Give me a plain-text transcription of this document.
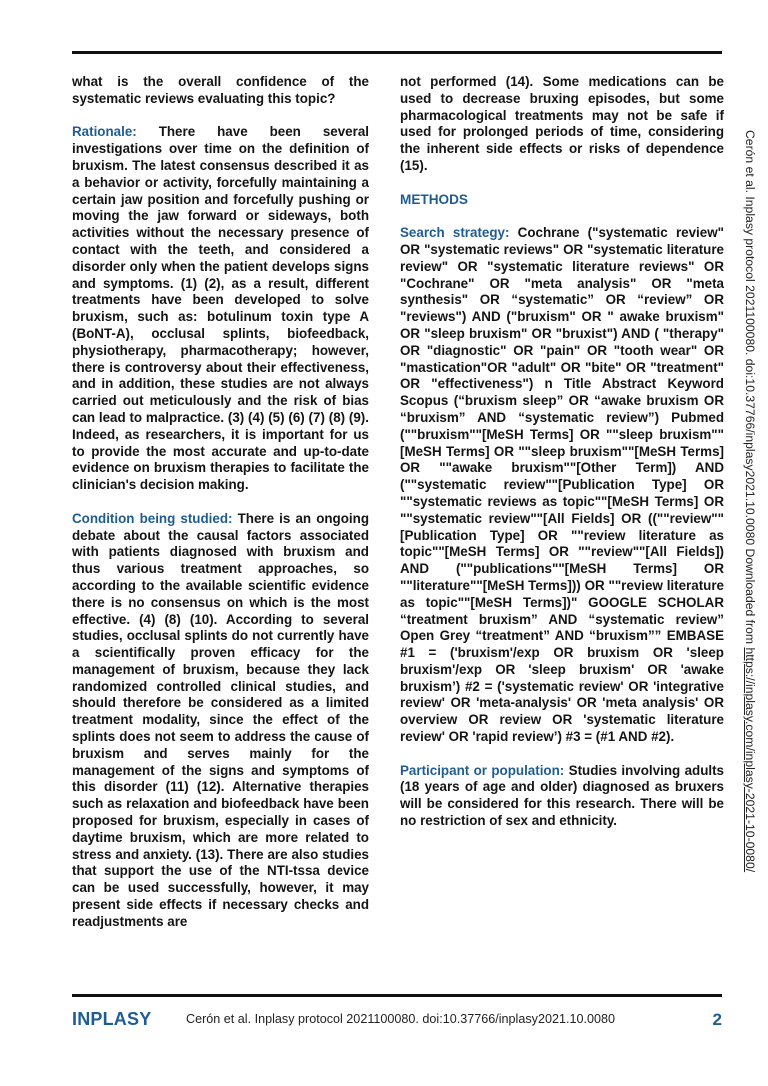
what is the overall confidence of the systematic reviews evaluating this topic?

Rationale: There have been several investigations over time on the definition of bruxism. The latest consensus described it as a behavior or activity, forcefully maintaining a certain jaw position and forcefully pushing or moving the jaw forward or sideways, both activities without the necessary presence of contact with the teeth, and considered a disorder only when the patient develops signs and symptoms. (1) (2), as a result, different treatments have been developed to solve bruxism, such as: botulinum toxin type A (BoNT-A), occlusal splints, biofeedback, physiotherapy, pharmacotherapy; however, there is controversy about their effectiveness, and in addition, these studies are not always carried out meticulously and the risk of bias can lead to malpractice. (3) (4) (5) (6) (7) (8) (9). Indeed, as researchers, it is important for us to provide the most accurate and up-to-date evidence on bruxism therapies to facilitate the clinician's decision making.

Condition being studied: There is an ongoing debate about the causal factors associated with patients diagnosed with bruxism and thus various treatment approaches, so according to the available scientific evidence there is no consensus on which is the most effective. (4) (8) (10). According to several studies, occlusal splints do not currently have a scientifically proven efficacy for the management of bruxism, because they lack randomized controlled clinical studies, and should therefore be considered as a limited treatment modality, since the effect of the splints does not seem to address the cause of bruxism and serves mainly for the management of the signs and symptoms of this disorder (11) (12). Alternative therapies such as relaxation and biofeedback have been proposed for bruxism, especially in cases of daytime bruxism, which are more related to stress and anxiety. (13). There are also studies that support the use of the NTI-tssa device can be used successfully, however, it may present side effects if necessary checks and readjustments are

not performed (14). Some medications can be used to decrease bruxing episodes, but some pharmacological treatments may not be safe if used for prolonged periods of time, considering the inherent side effects or risks of dependence (15).

METHODS

Search strategy: Cochrane ("systematic review" OR "systematic reviews" OR "systematic literature review" OR "systematic literature reviews" OR "Cochrane" OR "meta analysis" OR "meta synthesis" OR “systematic” OR “review” OR "reviews") AND ("bruxism" OR " awake bruxism" OR "sleep bruxism" OR "bruxist") AND ( "therapy" OR "diagnostic" OR "pain" OR "tooth wear" OR "mastication"OR "adult" OR "bite" OR "treatment" OR "effectiveness") n Title Abstract Keyword Scopus (“bruxism sleep” OR “awake bruxism OR “bruxism” AND “systematic review”) Pubmed (""bruxism""[MeSH Terms] OR ""sleep bruxism""[MeSH Terms] OR ""sleep bruxism""[MeSH Terms] OR ""awake bruxism""[Other Term]) AND (""systematic review""[Publication Type] OR ""systematic reviews as topic""[MeSH Terms] OR ""systematic review""[All Fields] OR ((""review""[Publication Type] OR ""review literature as topic""[MeSH Terms] OR ""review""[All Fields]) AND (""publications""[MeSH Terms] OR ""literature""[MeSH Terms])) OR ""review literature as topic""[MeSH Terms])" GOOGLE SCHOLAR “treatment bruxism” AND “systematic review” Open Grey “treatment” AND “bruxism”” EMBASE #1 = ('bruxism'/exp OR bruxism OR 'sleep bruxism'/exp OR 'sleep bruxism' OR 'awake bruxism’) #2 = ('systematic review' OR 'integrative review' OR 'meta-analysis' OR 'meta analysis' OR overview OR review OR 'systematic literature review' OR 'rapid review’) #3 = (#1 AND #2).

Participant or population: Studies involving adults (18 years of age and older) diagnosed as bruxers will be considered for this research. There will be no restriction of sex and ethnicity.

Cerón et al. Inplasy protocol 2021100080. doi:10.37766/inplasy2021.10.0080 Downloaded from https://inplasy.com/inplasy-2021-10-0080/
INPLASY	Cerón et al. Inplasy protocol 2021100080. doi:10.37766/inplasy2021.10.0080	2
